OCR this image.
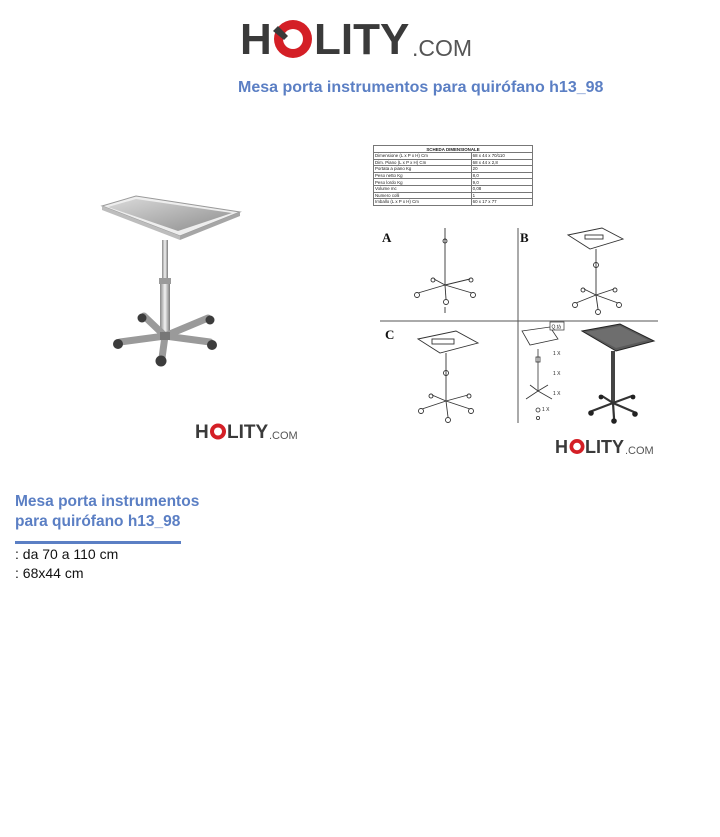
H LITY .COM
Mesa porta instrumentos para quirófano h13_98
H LITY .COM
SCHEDA DIMENSIONALE	
Dimensione (L x P x H) Cm	68 x 44 x 70/110
Dim. Piano (L x P x H) Cm	68 x 44 x 2,8
Portata a piano Kg	20
Peso netto Kg	8,0
Peso lordo Kg	9,0
Volume mc	0,08
Numero colli	1
Imballo (L x P x H) Cm	60 x 17 x 77
Q.tà
1 X
1 X
1 X
1 X
A	B
C
H LITY .COM
Mesa porta instrumentos
para quirófano h13_98
: da 70 a 110 cm
: 68x44 cm
